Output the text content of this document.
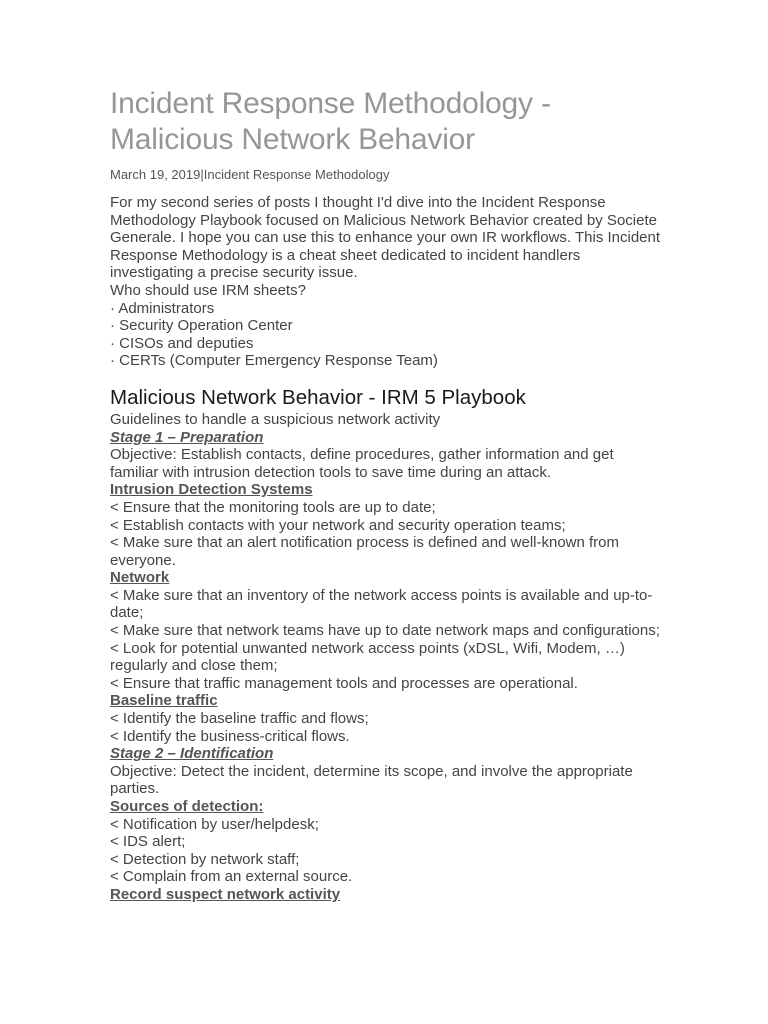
Incident Response Methodology - Malicious Network Behavior

March 19, 2019|Incident Response Methodology

For my second series of posts I thought I'd dive into the Incident Response Methodology Playbook focused on Malicious Network Behavior created by Societe Generale. I hope you can use this to enhance your own IR workflows. This Incident Response Methodology is a cheat sheet dedicated to incident handlers investigating a precise security issue.

Who should use IRM sheets?

· Administrators

· Security Operation Center

· CISOs and deputies

· CERTs (Computer Emergency Response Team)

Malicious Network Behavior - IRM 5 Playbook

Guidelines to handle a suspicious network activity

Stage 1 – Preparation

Objective: Establish contacts, define procedures, gather information and get familiar with intrusion detection tools to save time during an attack.

Intrusion Detection Systems

< Ensure that the monitoring tools are up to date;

< Establish contacts with your network and security operation teams;

< Make sure that an alert notification process is defined and well-known from everyone.

Network

< Make sure that an inventory of the network access points is available and up-to-date;

< Make sure that network teams have up to date network maps and configurations;

< Look for potential unwanted network access points (xDSL, Wifi, Modem, …) regularly and close them;

< Ensure that traffic management tools and processes are operational.

Baseline traffic

< Identify the baseline traffic and flows;

< Identify the business-critical flows.

Stage 2 – Identification

Objective: Detect the incident, determine its scope, and involve the appropriate parties.

Sources of detection:

< Notification by user/helpdesk;

< IDS alert;

< Detection by network staff;

< Complain from an external source.

Record suspect network activity
